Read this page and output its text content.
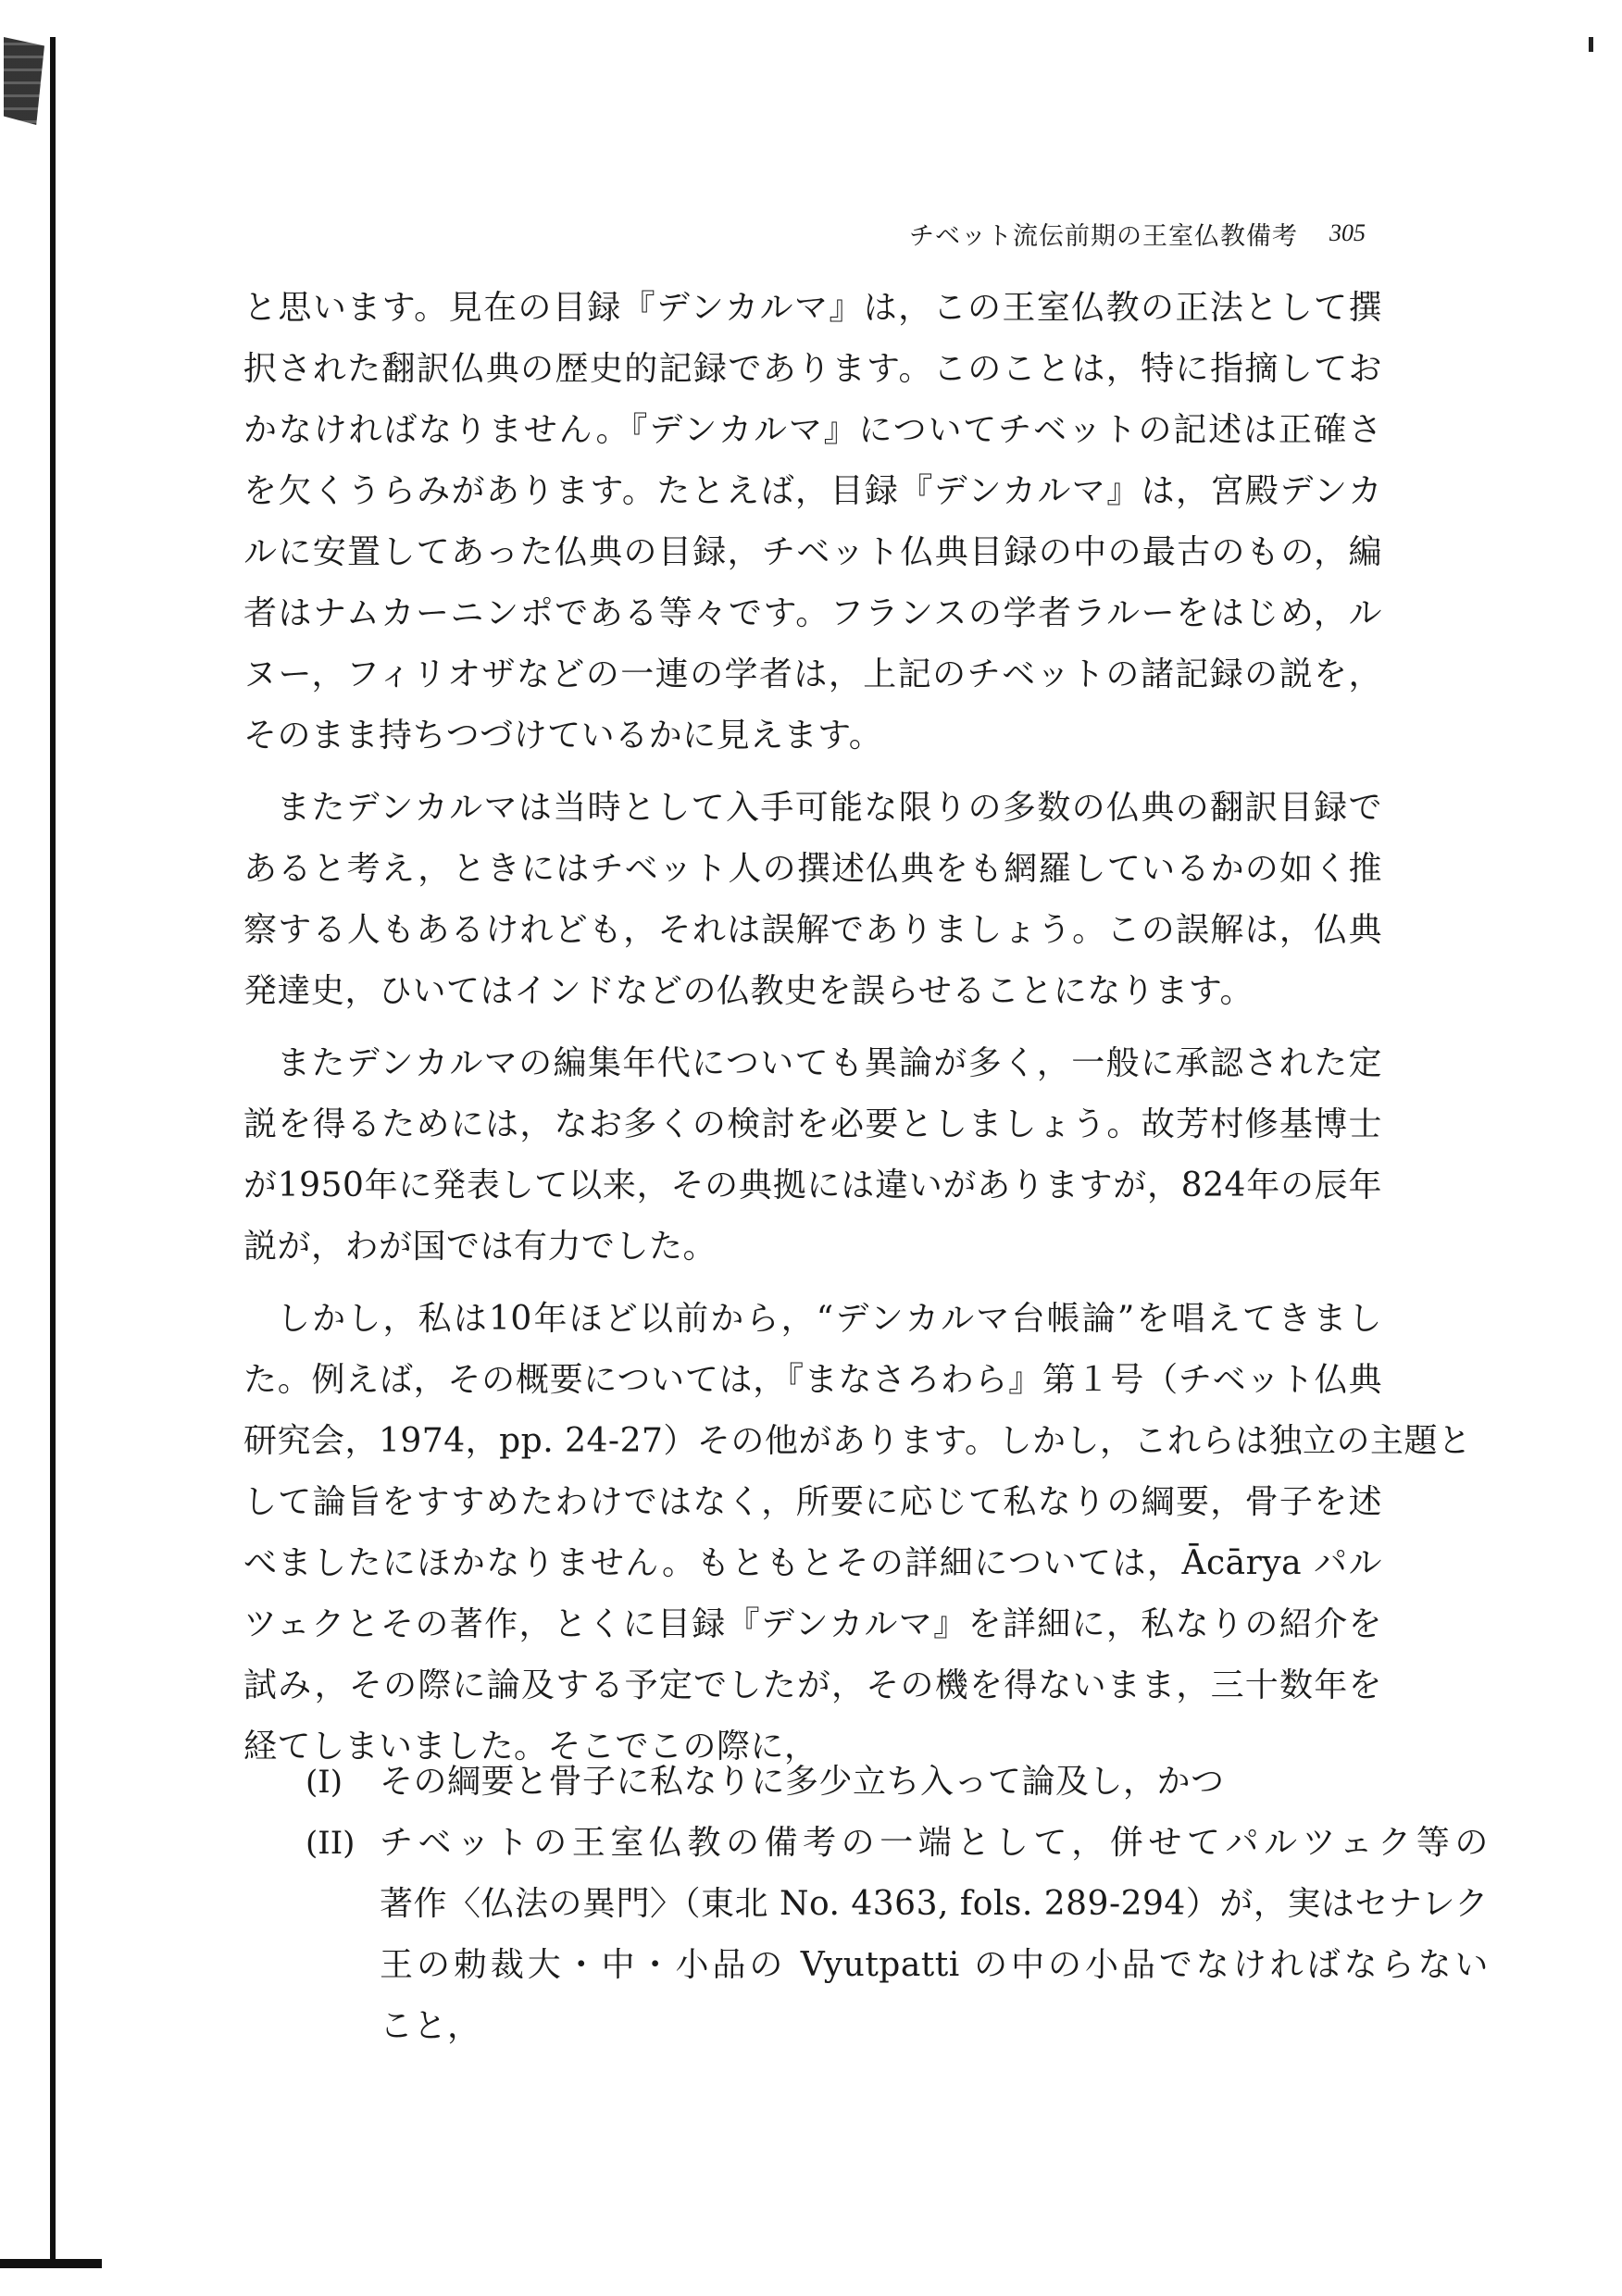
チベット流伝前期の王室仏教備考 305
と思います。見在の目録『デンカルマ』は，この王室仏教の正法として撰
択された翻訳仏典の歴史的記録であります。このことは，特に指摘してお
かなければなりません。『デンカルマ』についてチベットの記述は正確さ
を欠くうらみがあります。たとえば，目録『デンカルマ』は，宮殿デンカ
ルに安置してあった仏典の目録，チベット仏典目録の中の最古のもの，編
者はナムカーニンポである等々です。フランスの学者ラルーをはじめ，ル
ヌー，フィリオザなどの一連の学者は，上記のチベットの諸記録の説を，
そのまま持ちつづけているかに見えます。
またデンカルマは当時として入手可能な限りの多数の仏典の翻訳目録で
あると考え，ときにはチベット人の撰述仏典をも網羅しているかの如く推
察する人もあるけれども，それは誤解でありましょう。この誤解は，仏典
発達史，ひいてはインドなどの仏教史を誤らせることになります。
またデンカルマの編集年代についても異論が多く，一般に承認された定
説を得るためには，なお多くの検討を必要としましょう。故芳村修基博士
が1950年に発表して以来，その典拠には違いがありますが，824年の辰年
説が，わが国では有力でした。
しかし，私は10年ほど以前から，“デンカルマ台帳論”を唱えてきまし
た。例えば，その概要については，『まなさろわら』第１号（チベット仏典
研究会，1974，pp. 24-27）その他があります。しかし，これらは独立の主題と
して論旨をすすめたわけではなく，所要に応じて私なりの綱要，骨子を述
べましたにほかなりません。もともとその詳細については，Ācārya パル
ツェクとその著作，とくに目録『デンカルマ』を詳細に，私なりの紹介を
試み，その際に論及する予定でしたが，その機を得ないまま，三十数年を
経てしまいました。そこでこの際に，
(I)	その綱要と骨子に私なりに多少立ち入って論及し，かつ
(II) チベットの王室仏教の備考の一端として，併せてパルツェク等の
著作〈仏法の異門〉（東北 No. 4363, fols. 289-294）が，実はセナレク
王の勅裁大・中・小品の Vyutpatti の中の小品でなければならない
こと，
